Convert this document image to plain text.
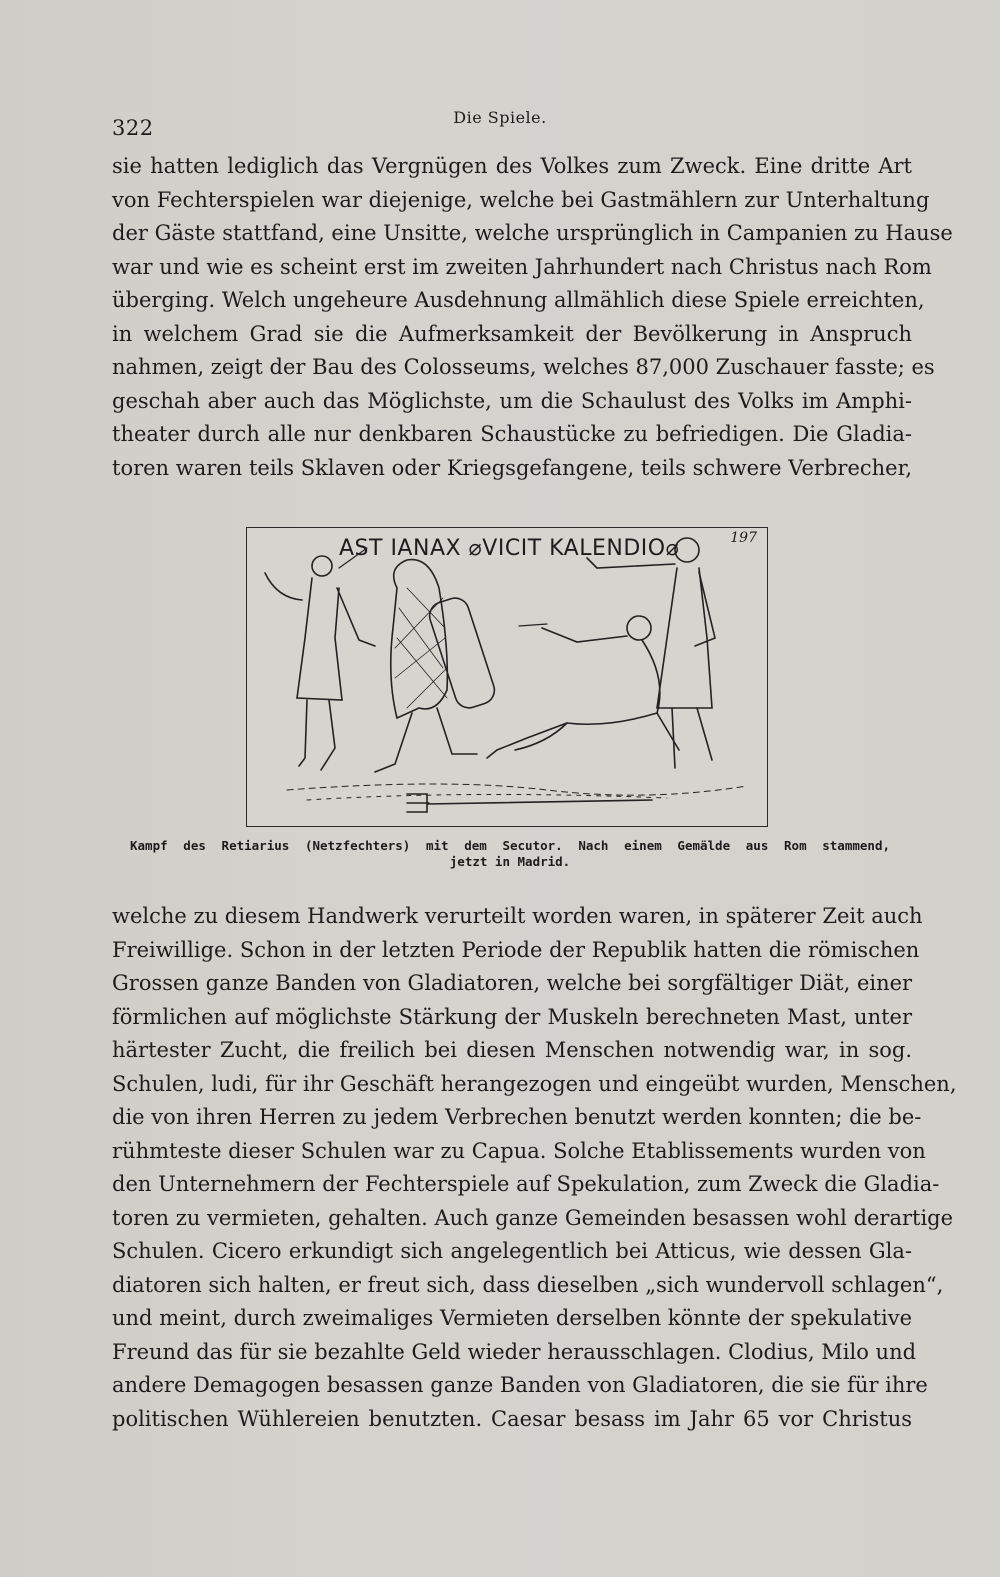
322	Die Spiele.
sie hatten lediglich das Vergnügen des Volkes zum Zweck. Eine dritte Art
von Fechterspielen war diejenige, welche bei Gastmählern zur Unterhaltung
der Gäste stattfand, eine Unsitte, welche ursprünglich in Campanien zu Hause
war und wie es scheint erst im zweiten Jahrhundert nach Christus nach Rom
überging. Welch ungeheure Ausdehnung allmählich diese Spiele erreichten,
in welchem Grad sie die Aufmerksamkeit der Bevölkerung in Anspruch
nahmen, zeigt der Bau des Colosseums, welches 87,000 Zuschauer fasste; es
geschah aber auch das Möglichste, um die Schaulust des Volks im Amphi-
theater durch alle nur denkbaren Schaustücke zu befriedigen. Die Gladia-
toren waren teils Sklaven oder Kriegsgefangene, teils schwere Verbrecher,
AST IANAX ⌀VICIT KALENDIO⌀	197
Kampf des Retiarius (Netzfechters) mit dem Secutor. Nach einem Gemälde aus Rom stammend,
jetzt in Madrid.
welche zu diesem Handwerk verurteilt worden waren, in späterer Zeit auch
Freiwillige. Schon in der letzten Periode der Republik hatten die römischen
Grossen ganze Banden von Gladiatoren, welche bei sorgfältiger Diät, einer
förmlichen auf möglichste Stärkung der Muskeln berechneten Mast, unter
härtester Zucht, die freilich bei diesen Menschen notwendig war, in sog.
Schulen, ludi, für ihr Geschäft herangezogen und eingeübt wurden, Menschen,
die von ihren Herren zu jedem Verbrechen benutzt werden konnten; die be-
rühmteste dieser Schulen war zu Capua. Solche Etablissements wurden von
den Unternehmern der Fechterspiele auf Spekulation, zum Zweck die Gladia-
toren zu vermieten, gehalten. Auch ganze Gemeinden besassen wohl derartige
Schulen. Cicero erkundigt sich angelegentlich bei Atticus, wie dessen Gla-
diatoren sich halten, er freut sich, dass dieselben „sich wundervoll schlagen“,
und meint, durch zweimaliges Vermieten derselben könnte der spekulative
Freund das für sie bezahlte Geld wieder herausschlagen. Clodius, Milo und
andere Demagogen besassen ganze Banden von Gladiatoren, die sie für ihre
politischen Wühlereien benutzten. Caesar besass im Jahr 65 vor Christus
